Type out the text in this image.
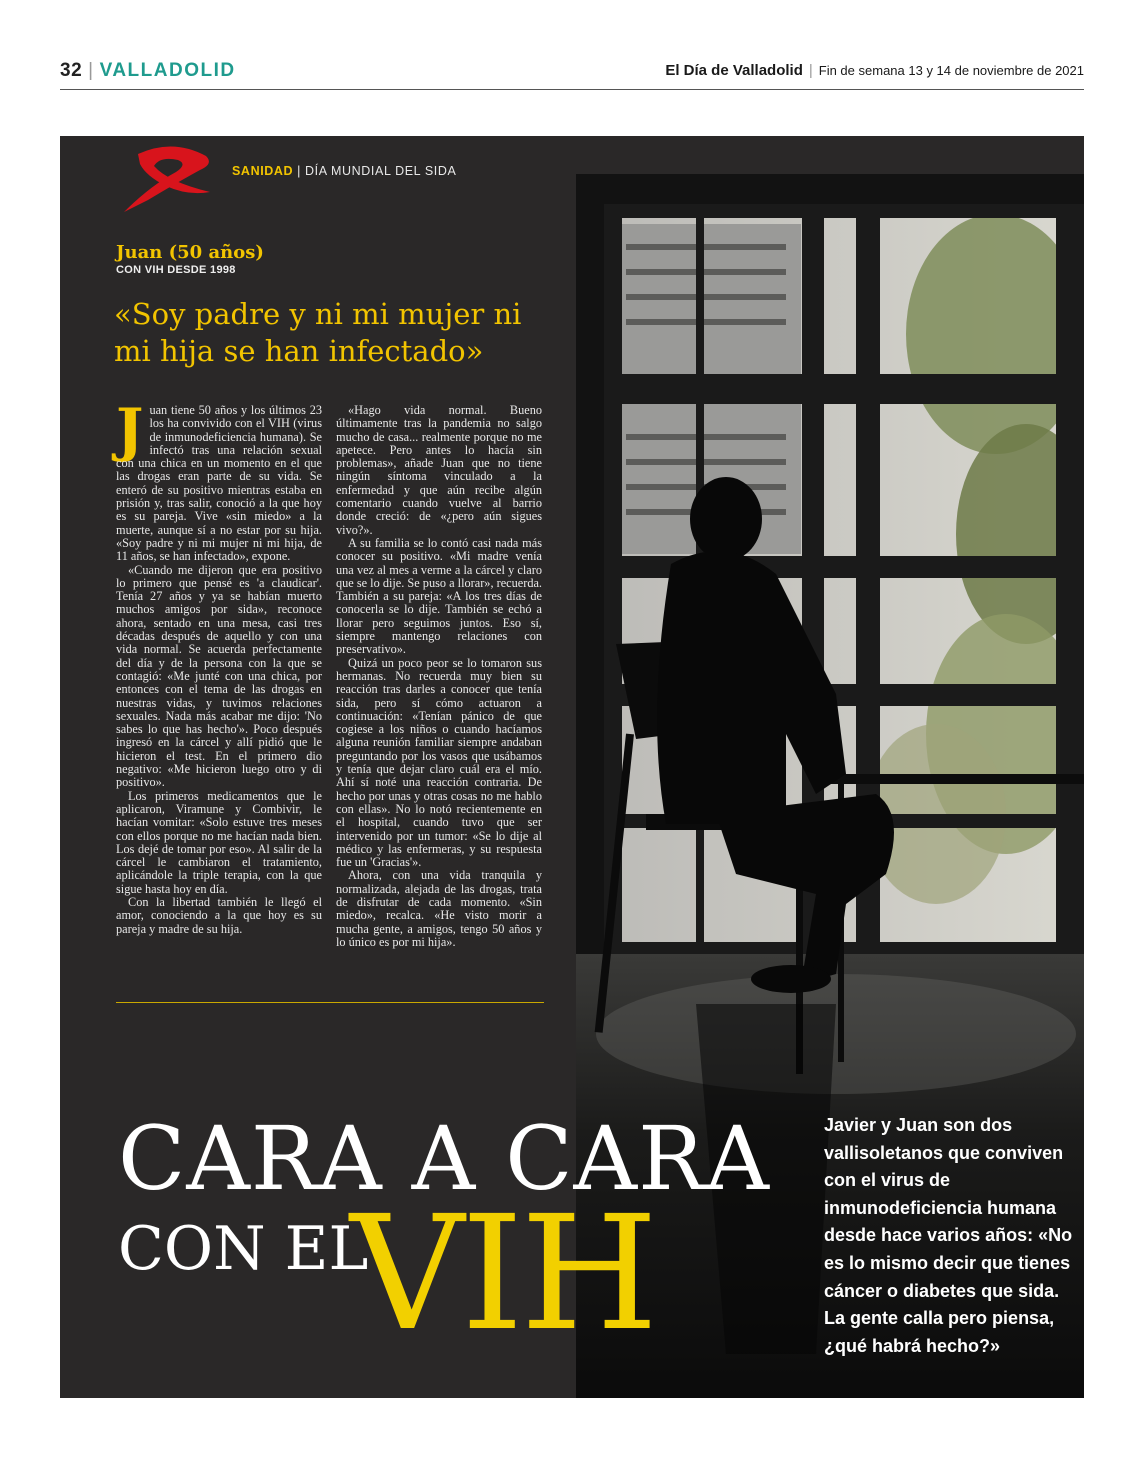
32 | VALLADOLID	El Día de Valladolid | Fin de semana 13 y 14 de noviembre de 2021
SANIDAD | DÍA MUNDIAL DEL SIDA
Juan (50 años)
CON VIH DESDE 1998
«Soy padre y ni mi mujer ni mi hija se han infectado»

Juan tiene 50 años y los últimos 23 los ha convivido con el VIH (virus de inmunodeficiencia humana). Se infectó tras una relación sexual con una chica en un momento en el que las drogas eran parte de su vida. Se enteró de su positivo mientras estaba en prisión y, tras salir, conoció a la que hoy es su pareja. Vive «sin miedo» a la muerte, aunque sí a no estar por su hija. «Soy padre y ni mi mujer ni mi hija, de 11 años, se han infectado», expone.

«Cuando me dijeron que era positivo lo primero que pensé es 'a claudicar'. Tenía 27 años y ya se habían muerto muchos amigos por sida», reconoce ahora, sentado en una mesa, casi tres décadas después de aquello y con una vida normal. Se acuerda perfectamente del día y de la persona con la que se contagió: «Me junté con una chica, por entonces con el tema de las drogas en nuestras vidas, y tuvimos relaciones sexuales. Nada más acabar me dijo: 'No sabes lo que has hecho'». Poco después ingresó en la cárcel y allí pidió que le hicieron el test. En el primero dio negativo: «Me hicieron luego otro y di positivo».

Los primeros medicamentos que le aplicaron, Viramune y Combivir, le hacían vomitar: «Solo estuve tres meses con ellos porque no me hacían nada bien. Los dejé de tomar por eso». Al salir de la cárcel le cambiaron el tratamiento, aplicándole la triple terapia, con la que sigue hasta hoy en día.

Con la libertad también le llegó el amor, conociendo a la que hoy es su pareja y madre de su hija.

«Hago vida normal. Bueno últimamente tras la pandemia no salgo mucho de casa... realmente porque no me apetece. Pero antes lo hacía sin problemas», añade Juan que no tiene ningún síntoma vinculado a la enfermedad y que aún recibe algún comentario cuando vuelve al barrio donde creció: de «¿pero aún sigues vivo?».

A su familia se lo contó casi nada más conocer su positivo. «Mi madre venía una vez al mes a verme a la cárcel y claro que se lo dije. Se puso a llorar», recuerda. También a su pareja: «A los tres días de conocerla se lo dije. También se echó a llorar pero seguimos juntos. Eso sí, siempre mantengo relaciones con preservativo».

Quizá un poco peor se lo tomaron sus hermanas. No recuerda muy bien su reacción tras darles a conocer que tenía sida, pero sí cómo actuaron a continuación: «Tenían pánico de que cogiese a los niños o cuando hacíamos alguna reunión familiar siempre andaban preguntando por los vasos que usábamos y tenía que dejar claro cuál era el mío. Ahí sí noté una reacción contraria. De hecho por unas y otras cosas no me hablo con ellas». No lo notó recientemente en el hospital, cuando tuvo que ser intervenido por un tumor: «Se lo dije al médico y las enfermeras, y su respuesta fue un 'Gracias'».

Ahora, con una vida tranquila y normalizada, alejada de las drogas, trata de disfrutar de cada momento. «Sin miedo», recalca. «He visto morir a mucha gente, a amigos, tengo 50 años y lo único es por mi hija».

CARA A CARA
CON EL
VIH
Javier y Juan son dos vallisoletanos que conviven con el virus de inmunodeficiencia humana desde hace varios años: «No es lo mismo decir que tienes cáncer o diabetes que sida. La gente calla pero piensa, ¿qué habrá hecho?»
